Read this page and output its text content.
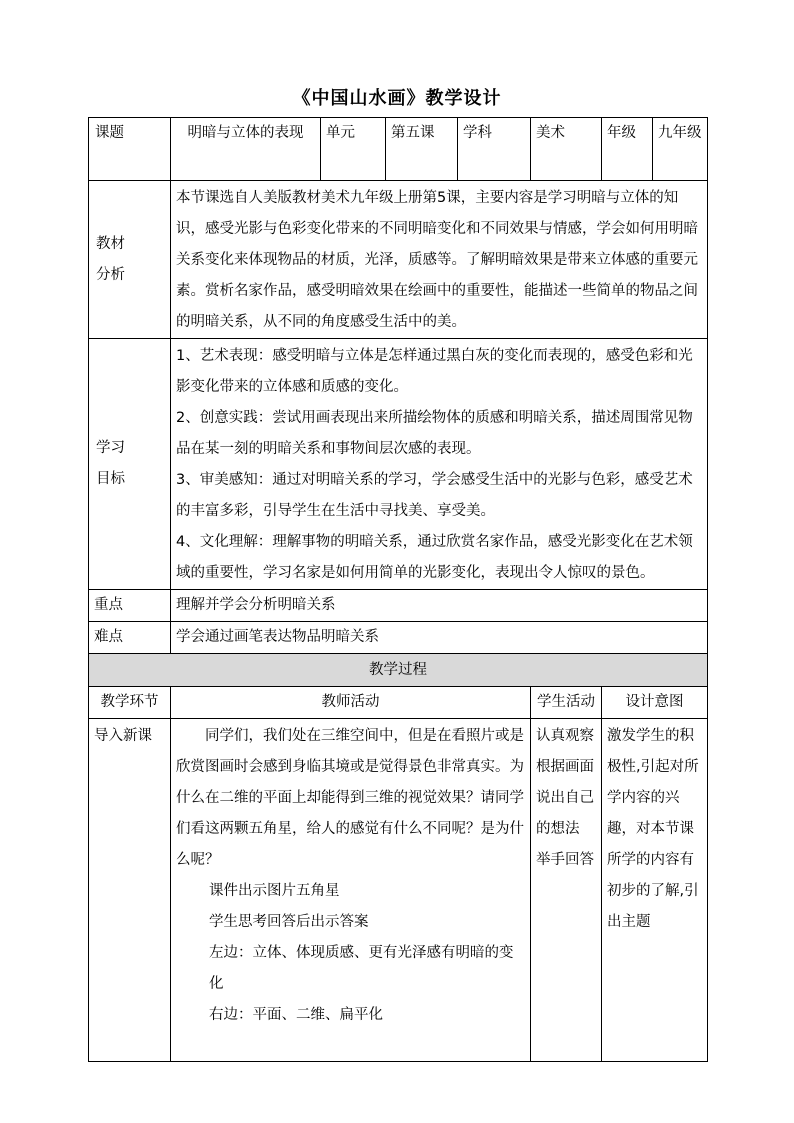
《中国山水画》教学设计
课题	明暗与立体的表现	单元	第五课	学科	美术	年级	九年级

教材分析	本节课选自人美版教材美术九年级上册第5课，主要内容是学习明暗与立体的知识，感受光影与色彩变化带来的不同明暗变化和不同效果与情感，学会如何用明暗关系变化来体现物品的材质，光泽，质感等。了解明暗效果是带来立体感的重要元素。赏析名家作品，感受明暗效果在绘画中的重要性，能描述一些简单的物品之间的明暗关系，从不同的角度感受生活中的美。						

学习目标	1、艺术表现：感受明暗与立体是怎样通过黑白灰的变化而表现的，感受色彩和光影变化带来的立体感和质感的变化。
2、创意实践：尝试用画表现出来所描绘物体的质感和明暗关系，描述周围常见物品在某一刻的明暗关系和事物间层次感的表现。
3、审美感知：通过对明暗关系的学习，学会感受生活中的光影与色彩，感受艺术的丰富多彩，引导学生在生活中寻找美、享受美。
4、文化理解：理解事物的明暗关系，通过欣赏名家作品，感受光影变化在艺术领域的重要性，学习名家是如何用简单的光影变化，表现出令人惊叹的景色。						

重点	理解并学会分析明暗关系						
难点	学会通过画笔表达物品明暗关系						
教学过程							
教学环节	教师活动				学生活动	设计意图	
导入新课	同学们，我们处在三维空间中，但是在看照片或是欣赏图画时会感到身临其境或是觉得景色非常真实。为什么在二维的平面上却能得到三维的视觉效果？请同学们看这两颗五角星，给人的感觉有什么不同呢？是为什么呢？
课件出示图片五角星
学生思考回答后出示答案
左边：立体、体现质感、更有光泽感有明暗的变化
右边：平面、二维、扁平化				认真观察
根据画面说出自己的想法
举手回答	激发学生的积极性,引起对所学内容的兴趣，对本节课所学的内容有初步的了解,引出主题	
